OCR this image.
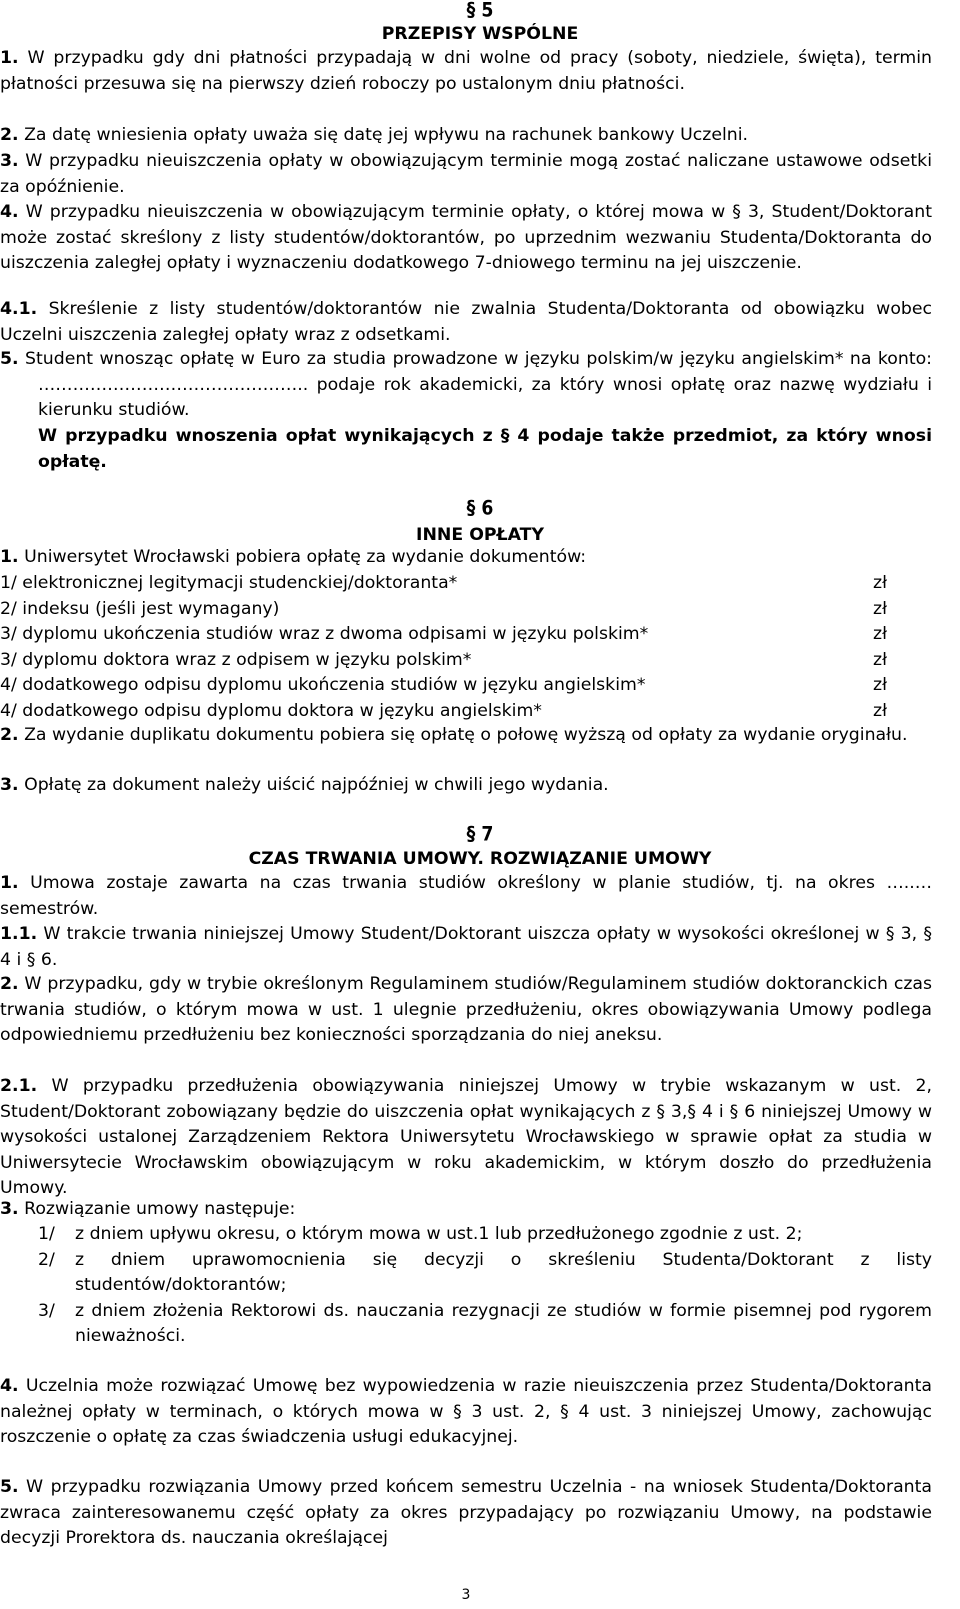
§ 5
PRZEPISY WSPÓLNE

1. W przypadku gdy dni płatności przypadają w dni wolne od pracy (soboty, niedziele, święta), termin płatności przesuwa się na pierwszy dzień roboczy po ustalonym dniu płatności.

2. Za datę wniesienia opłaty uważa się datę jej wpływu na rachunek bankowy Uczelni.

3. W przypadku nieuiszczenia opłaty w obowiązującym terminie mogą zostać naliczane ustawowe odsetki za opóźnienie.

4. W przypadku nieuiszczenia w obowiązującym terminie opłaty, o której mowa w § 3, Student/Doktorant może zostać skreślony z listy studentów/doktorantów, po uprzednim wezwaniu Studenta/Doktoranta do uiszczenia zaległej opłaty i wyznaczeniu dodatkowego 7-dniowego terminu na jej uiszczenie.

4.1. Skreślenie z listy studentów/doktorantów nie zwalnia Studenta/Doktoranta od obowiązku wobec Uczelni uiszczenia zaległej opłaty wraz z odsetkami.

5. Student wnosząc opłatę w Euro za studia prowadzone w języku polskim/w języku angielskim* na konto: ……………………………………….. podaje rok akademicki, za który wnosi opłatę oraz nazwę wydziału i kierunku studiów.

W przypadku wnoszenia opłat wynikających z § 4 podaje także przedmiot, za który wnosi opłatę.

§ 6
INNE OPŁATY

1. Uniwersytet Wrocławski pobiera opłatę za wydanie dokumentów:

1/ elektronicznej legitymacji studenckiej/doktoranta*	zł
2/ indeksu (jeśli jest wymagany)	zł
3/ dyplomu ukończenia studiów wraz z dwoma odpisami w języku polskim*	zł
3/ dyplomu doktora wraz z odpisem w języku polskim*	zł
4/ dodatkowego odpisu dyplomu ukończenia studiów w języku angielskim*	zł
4/ dodatkowego odpisu dyplomu doktora w języku angielskim*	zł

2. Za wydanie duplikatu dokumentu pobiera się opłatę o połowę wyższą od opłaty za wydanie oryginału.

3. Opłatę za dokument należy uiścić najpóźniej w chwili jego wydania.

§ 7
CZAS TRWANIA UMOWY. ROZWIĄZANIE UMOWY

1. Umowa zostaje zawarta na czas trwania studiów określony w planie studiów, tj. na okres …..… semestrów.

1.1. W trakcie trwania niniejszej Umowy Student/Doktorant uiszcza opłaty w wysokości określonej w § 3, § 4 i § 6.

2. W przypadku, gdy w trybie określonym Regulaminem studiów/Regulaminem studiów doktoranckich czas trwania studiów, o którym mowa w ust. 1 ulegnie przedłużeniu, okres obowiązywania Umowy podlega odpowiedniemu przedłużeniu bez konieczności sporządzania do niej aneksu.

2.1. W przypadku przedłużenia obowiązywania niniejszej Umowy w trybie wskazanym w ust. 2, Student/Doktorant zobowiązany będzie do uiszczenia opłat wynikających z § 3,§ 4 i § 6 niniejszej Umowy w wysokości ustalonej Zarządzeniem Rektora Uniwersytetu Wrocławskiego w sprawie opłat za studia w Uniwersytecie Wrocławskim obowiązującym w roku akademickim, w którym doszło do przedłużenia Umowy.

3. Rozwiązanie umowy następuje:

1/ z dniem upływu okresu, o którym mowa w ust.1 lub przedłużonego zgodnie z ust. 2;
2/ z dniem uprawomocnienia się decyzji o skreśleniu Studenta/Doktorant z listy studentów/doktorantów;
3/ z dniem złożenia Rektorowi ds. nauczania rezygnacji ze studiów w formie pisemnej pod rygorem nieważności.

4. Uczelnia może rozwiązać Umowę bez wypowiedzenia w razie nieuiszczenia przez Studenta/Doktoranta należnej opłaty w terminach, o których mowa w § 3 ust. 2, § 4 ust. 3 niniejszej Umowy, zachowując roszczenie o opłatę za czas świadczenia usługi edukacyjnej.

5. W przypadku rozwiązania Umowy przed końcem semestru Uczelnia - na wniosek Studenta/Doktoranta zwraca zainteresowanemu część opłaty za okres przypadający po rozwiązaniu Umowy, na podstawie decyzji Prorektora ds. nauczania określającej

3
